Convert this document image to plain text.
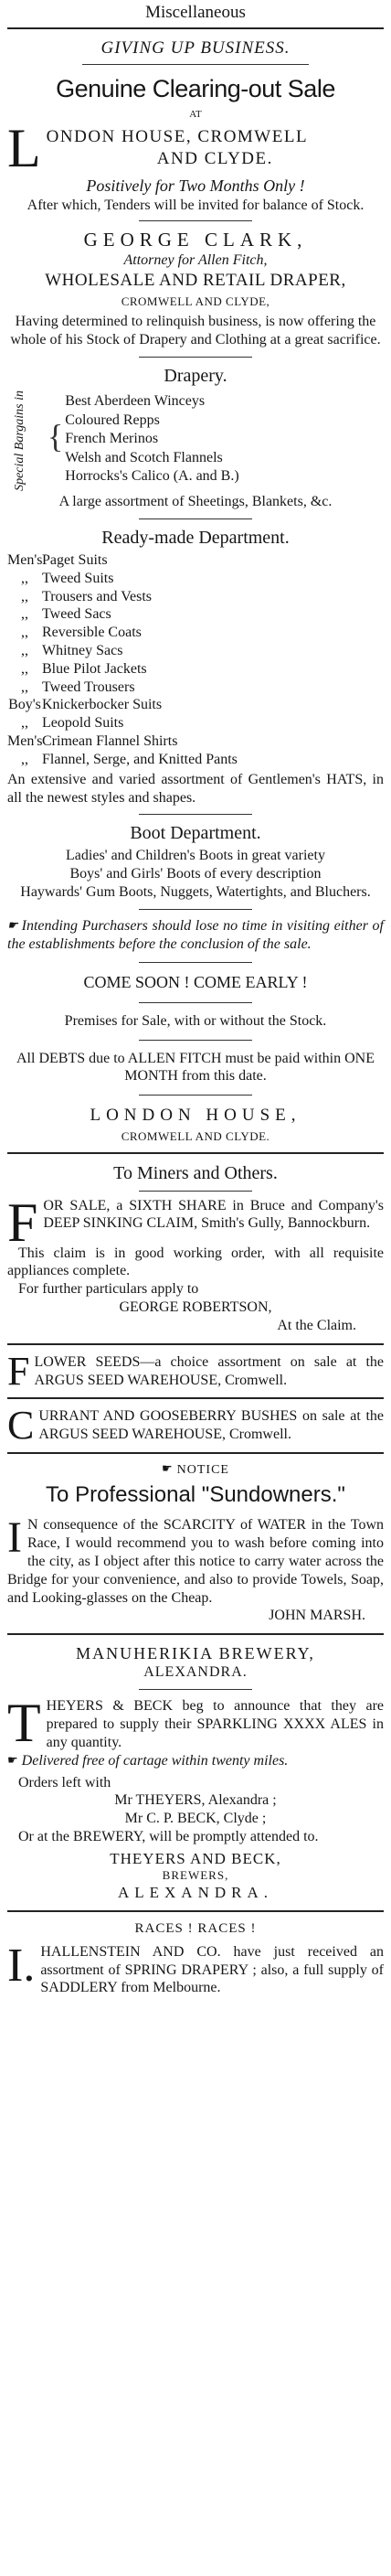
Miscellaneous
GIVING UP BUSINESS.
Genuine Clearing-out Sale
AT
L ONDON HOUSE, CROMWELL
AND CLYDE.
Positively for Two Months Only !
After which, Tenders will be invited for balance of Stock.
GEORGE CLARK,
Attorney for Allen Fitch,
WHOLESALE AND RETAIL DRAPER,
CROMWELL AND CLYDE,
Having determined to relinquish business, is now offering the whole of his Stock of Drapery and Clothing at a great sacrifice.
Drapery.
Special Bargains in {
Best Aberdeen Winceys
Coloured Repps
French Merinos
Welsh and Scotch Flannels
Horrocks's Calico (A. and B.)
A large assortment of Sheetings, Blankets, &c.
Ready-made Department.
Men's Paget Suits
,, Tweed Suits
,, Trousers and Vests
,, Tweed Sacs
,, Reversible Coats
,, Whitney Sacs
,, Blue Pilot Jackets
,, Tweed Trousers
Boy's Knickerbocker Suits
,, Leopold Suits
Men's Crimean Flannel Shirts
,, Flannel, Serge, and Knitted Pants
An extensive and varied assortment of Gentlemen's HATS, in all the newest styles and shapes.
Boot Department.
Ladies' and Children's Boots in great variety
Boys' and Girls' Boots of every description
Haywards' Gum Boots, Nuggets, Watertights, and Bluchers.
☛ Intending Purchasers should lose no time in visiting either of the establishments before the conclusion of the sale.
COME SOON ! COME EARLY !
Premises for Sale, with or without the Stock.
All DEBTS due to ALLEN FITCH must be paid within ONE MONTH from this date.
LONDON HOUSE,
CROMWELL AND CLYDE.
To Miners and Others.
FOR SALE, a SIXTH SHARE in Bruce and Company's DEEP SINKING CLAIM, Smith's Gully, Bannockburn.
This claim is in good working order, with all requisite appliances complete.
For further particulars apply to
GEORGE ROBERTSON,
At the Claim.
FLOWER SEEDS—a choice assortment on sale at the ARGUS SEED WAREHOUSE, Cromwell.
CURRANT AND GOOSEBERRY BUSHES on sale at the ARGUS SEED WAREHOUSE, Cromwell.
☛ NOTICE
To Professional "Sundowners."
I N consequence of the SCARCITY of WATER in the Town Race, I would recommend you to wash before coming into the city, as I object after this notice to carry water across the Bridge for your convenience, and also to provide Towels, Soap, and Looking-glasses on the Cheap.
JOHN MARSH.
MANUHERIKIA BREWERY,
ALEXANDRA.
THEYERS & BECK beg to announce that they are prepared to supply their SPARKLING XXXX ALES in any quantity.
☛ Delivered free of cartage within twenty miles.
Orders left with
Mr THEYERS, Alexandra ;
Mr C. P. BECK, Clyde ;
Or at the BREWERY, will be promptly attended to.
THEYERS AND BECK,
BREWERS,
ALEXANDRA.
RACES ! RACES !
I. HALLENSTEIN AND CO. have just received an assortment of SPRING DRAPERY ; also, a full supply of SADDLERY from Melbourne.
